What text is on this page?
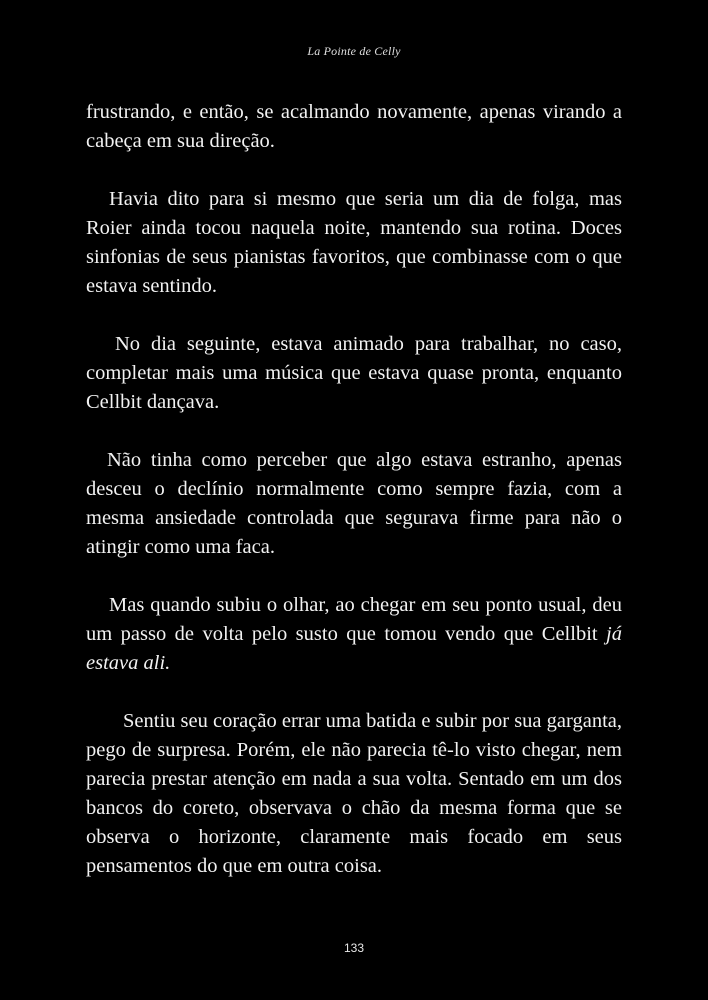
La Pointe de Celly

frustrando, e então, se acalmando novamente, apenas virando a cabeça em sua direção.

Havia dito para si mesmo que seria um dia de folga, mas Roier ainda tocou naquela noite, mantendo sua rotina. Doces sinfonias de seus pianistas favoritos, que combinasse com o que estava sentindo.

No dia seguinte, estava animado para trabalhar, no caso, completar mais uma música que estava quase pronta, enquanto Cellbit dançava.

Não tinha como perceber que algo estava estranho, apenas desceu o declínio normalmente como sempre fazia, com a mesma ansiedade controlada que segurava firme para não o atingir como uma faca.

Mas quando subiu o olhar, ao chegar em seu ponto usual, deu um passo de volta pelo susto que tomou vendo que Cellbit já estava ali.

Sentiu seu coração errar uma batida e subir por sua garganta, pego de surpresa. Porém, ele não parecia tê-lo visto chegar, nem parecia prestar atenção em nada a sua volta. Sentado em um dos bancos do coreto, observava o chão da mesma forma que se observa o horizonte, claramente mais focado em seus pensamentos do que em outra coisa.

133
